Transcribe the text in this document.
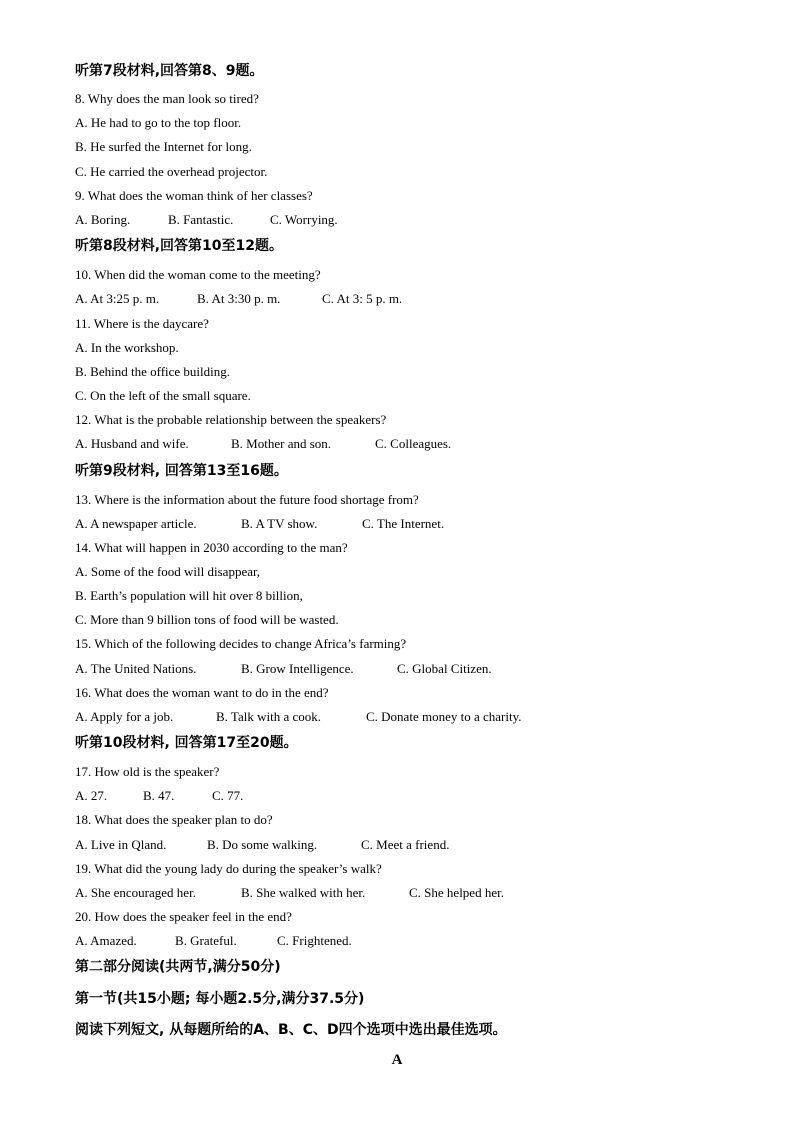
听第7段材料,回答第8、9题。
8. Why does the man look so tired?
A. He had to go to the top floor.
B. He surfed the Internet for long.
C. He carried the overhead projector.
9. What does the woman think of her classes?
A. Boring.	B. Fantastic.	C. Worrying.
听第8段材料,回答第10至12题。
10. When did the woman come to the meeting?
A. At 3:25 p. m.	B. At 3:30 p. m.	C. At 3: 5 p. m.
11. Where is the daycare?
A. In the workshop.
B. Behind the office building.
C. On the left of the small square.
12. What is the probable relationship between the speakers?
A. Husband and wife.	B. Mother and son.	C. Colleagues.
听第9段材料, 回答第13至16题。
13. Where is the information about the future food shortage from?
A. A newspaper article.	B. A TV show.	C. The Internet.
14. What will happen in 2030 according to the man?
A. Some of the food will disappear,
B. Earth’s population will hit over 8 billion,
C. More than 9 billion tons of food will be wasted.
15. Which of the following decides to change Africa’s farming?
A. The United Nations.	B. Grow Intelligence.	C. Global Citizen.
16. What does the woman want to do in the end?
A. Apply for a job.	B. Talk with a cook.	C. Donate money to a charity.
听第10段材料, 回答第17至20题。
17. How old is the speaker?
A. 27.	B. 47.	C. 77.
18. What does the speaker plan to do?
A. Live in Qland.	B. Do some walking.	C. Meet a friend.
19. What did the young lady do during the speaker’s walk?
A. She encouraged her.	B. She walked with her.	C. She helped her.
20. How does the speaker feel in the end?
A. Amazed.	B. Grateful.	C. Frightened.
第二部分阅读(共两节,满分50分)
第一节(共15小题; 每小题2.5分,满分37.5分)
阅读下列短文, 从每题所给的A、B、C、D四个选项中选出最佳选项。
A
